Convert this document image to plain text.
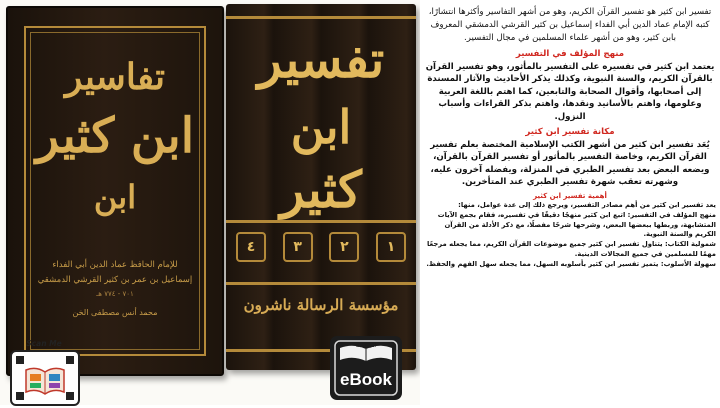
تفاسير
ابن كثير
ابن
للإمام الحافظ عماد الدين أبي الفداء إسماعيل بن عمر بن كثير القرشي الدمشقي
٧٠١ - ٧٧٤ هـ
محمد أنس مصطفى الخن
تفسير
ابن
كثير
١
٢
٣
٤
مؤسسة الرسالة ناشرون

تفسير ابن كثير هو تفسير القرآن الكريم، وهو من أشهر التفاسير وأكثرها انتشارًا، كتبه الإمام عماد الدين أبي الفداء إسماعيل بن كثير القرشي الدمشقي المعروف بابن كثير، وهو من أشهر علماء المسلمين في مجال التفسير.

منهج المؤلف في التفسير

يعتمد ابن كثير في تفسيره على التفسير بالمأثور، وهو تفسير القرآن بالقرآن الكريم، والسنة النبوية، وكذلك يذكر الأحاديث والآثار المسندة إلى أصحابها، وأقوال الصحابة والتابعين، كما اهتم باللغة العربية وعلومها، واهتم بالأسانيد ونقدها، واهتم بذكر القراءات وأسباب النزول.

مكانة تفسير ابن كثير

يُعَد تفسير ابن كثير من أشهر الكتب الإسلامية المختصة بعلم تفسير القرآن الكريم، وخاصة التفسير بالمأثور أو تفسير القرآن بالقرآن، ويضعه البعض بعد تفسير الطبري في المنزلة، ويفضله آخرون عليه، وشهرته تعقب شهرة تفسير الطبري عند المتأخرين.

أهمية تفسير ابن كثير

يعد تفسير ابن كثير من أهم مصادر التفسير، ويرجع ذلك إلى عدة عوامل، منها:

منهج المؤلف في التفسير: اتبع ابن كثير منهجًا دقيقًا في تفسيره، فقام بجمع الآيات المتشابهة، وربطها ببعضها البعض، وشرحها شرحًا مفصلًا، مع ذكر الأدلة من القرآن الكريم والسنة النبوية.

شمولية الكتاب: يتناول تفسير ابن كثير جميع موضوعات القرآن الكريم، مما يجعله مرجعًا مهمًا للمسلمين في جميع المجالات الدينية.

سهولة الأسلوب: يتميز تفسير ابن كثير بأسلوبه السهل، مما يجعله سهل الفهم والحفظ.

Scan Me
eBook
اقرأ كتابك
